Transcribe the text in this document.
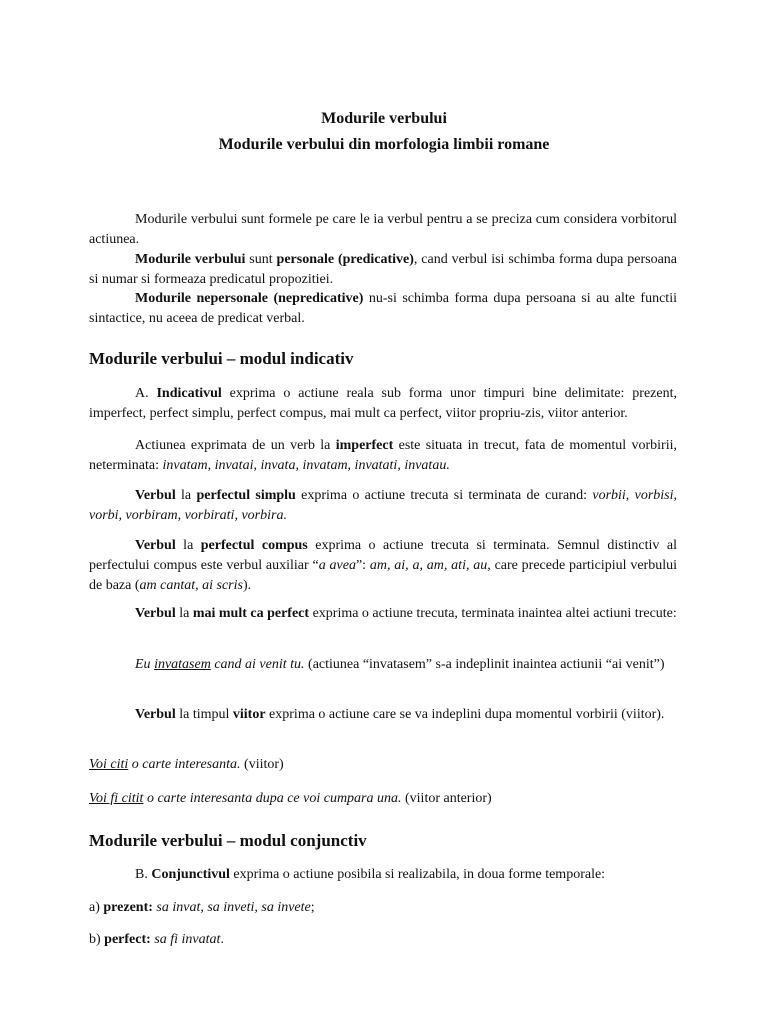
Modurile verbului
Modurile verbului din morfologia limbii romane

Modurile verbului sunt formele pe care le ia verbul pentru a se preciza cum considera vorbitorul actiunea.

Modurile verbului sunt personale (predicative), cand verbul isi schimba forma dupa persoana si numar si formeaza predicatul propozitiei.

Modurile nepersonale (nepredicative) nu-si schimba forma dupa persoana si au alte functii sintactice, nu aceea de predicat verbal.

Modurile verbului – modul indicativ

A. Indicativul exprima o actiune reala sub forma unor timpuri bine delimitate: prezent, imperfect, perfect simplu, perfect compus, mai mult ca perfect, viitor propriu-zis, viitor anterior.

Actiunea exprimata de un verb la imperfect este situata in trecut, fata de momentul vorbirii, neterminata: invatam, invatai, invata, invatam, invatati, invatau.

Verbul la perfectul simplu exprima o actiune trecuta si terminata de curand: vorbii, vorbisi, vorbi, vorbiram, vorbirati, vorbira.

Verbul la perfectul compus exprima o actiune trecuta si terminata. Semnul distinctiv al perfectului compus este verbul auxiliar “a avea”: am, ai, a, am, ati, au, care precede participiul verbului de baza (am cantat, ai scris).

Verbul la mai mult ca perfect exprima o actiune trecuta, terminata inaintea altei actiuni trecute:

Eu invatasem cand ai venit tu. (actiunea “invatasem” s-a indeplinit inaintea actiunii “ai venit”)

Verbul la timpul viitor exprima o actiune care se va indeplini dupa momentul vorbirii (viitor).

Voi citi o carte interesanta. (viitor)

Voi fi citit o carte interesanta dupa ce voi cumpara una. (viitor anterior)

Modurile verbului – modul conjunctiv

B. Conjunctivul exprima o actiune posibila si realizabila, in doua forme temporale:

a) prezent: sa invat, sa inveti, sa invete;

b) perfect: sa fi invatat.
